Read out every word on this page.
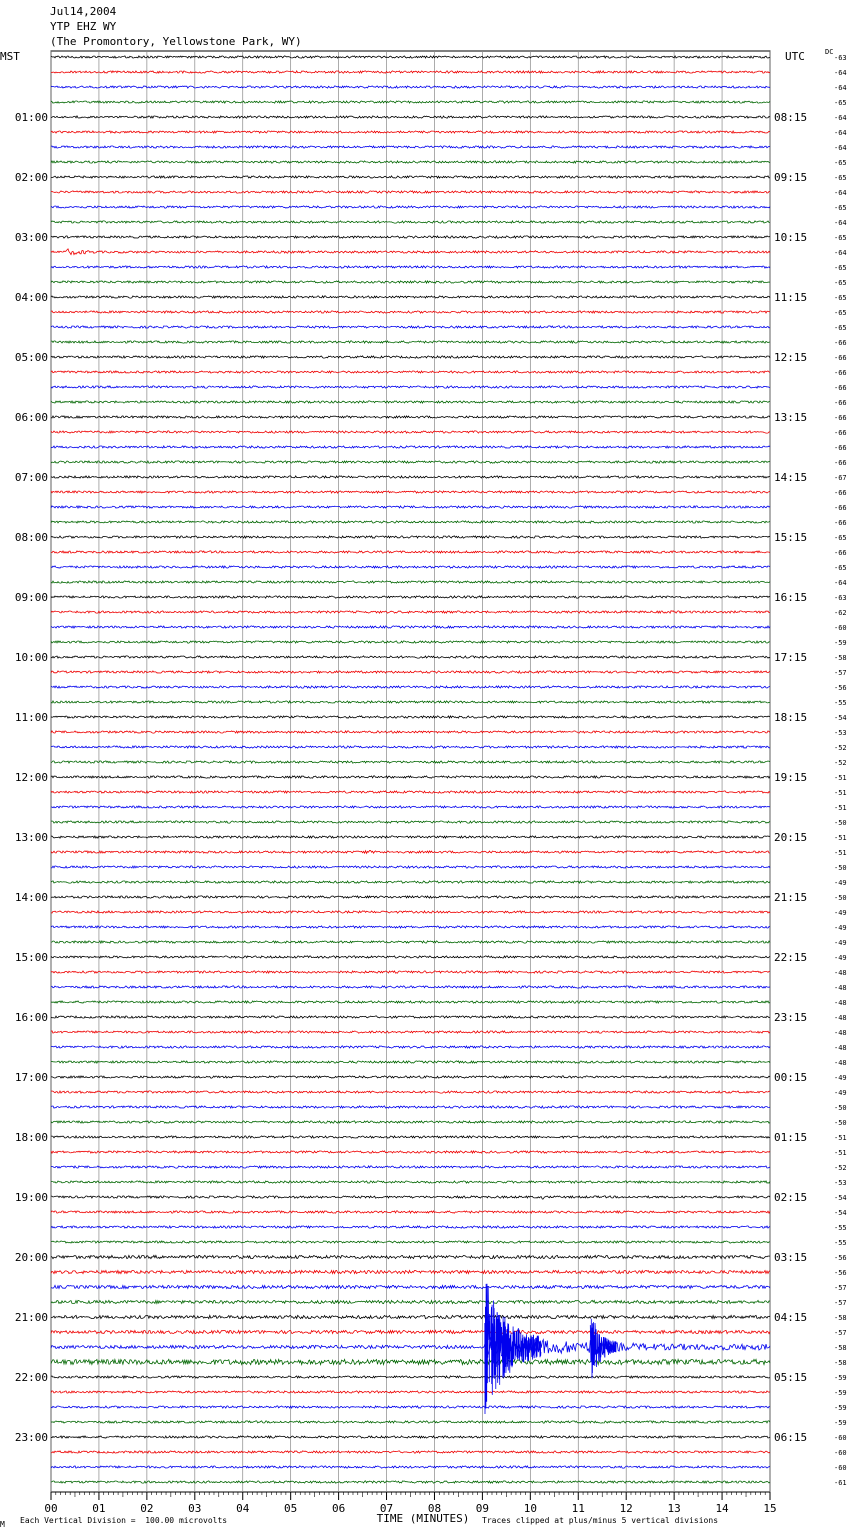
Jul14,2004
YTP EHZ WY
(The Promontory, Yellowstone Park, WY)
MST	UTC	DC
00	01	02	03	04	05	06	07	08	09	10	11	12	13	14	15
TIME (MINUTES)
-63
-64
-64
-65
-64
-64
-64
-65
-65
-64
-65
-64
-65
-64
-65
-65
-65
-65
-65
-66
-66
-66
-66
-66
-66
-66
-66
-66
-67
-66
-66
-66
-65
-66
-65
-64
-63
-62
-60
-59
-58
-57
-56
-55
-54
-53
-52
-52
-51
-51
-51
-50
-51
-51
-50
-49
-50
-49
-49
-49
-49
-48
-48
-48
-48
-48
-48
-48
-49
-49
-50
-50
-51
-51
-52
-53
-54
-54
-55
-55
-56
-56
-57
-57
-58
-57
-58
-58
-59
-59
-59
-59
-60
-60
-60
-61
01:00
02:00
03:00
04:00
05:00
06:00
07:00
08:00
09:00
10:00
11:00
12:00
13:00
14:00
15:00
16:00
17:00
18:00
19:00
20:00
21:00
22:00
23:00
08:15
09:15
10:15
11:15
12:15
13:15
14:15
15:15
16:15
17:15
18:15
19:15
20:15
21:15
22:15
23:15
00:15
01:15
02:15
03:15
04:15
05:15
06:15
M Each Vertical Division =  100.00 microvolts	Traces clipped at plus/minus 5 vertical divisions
